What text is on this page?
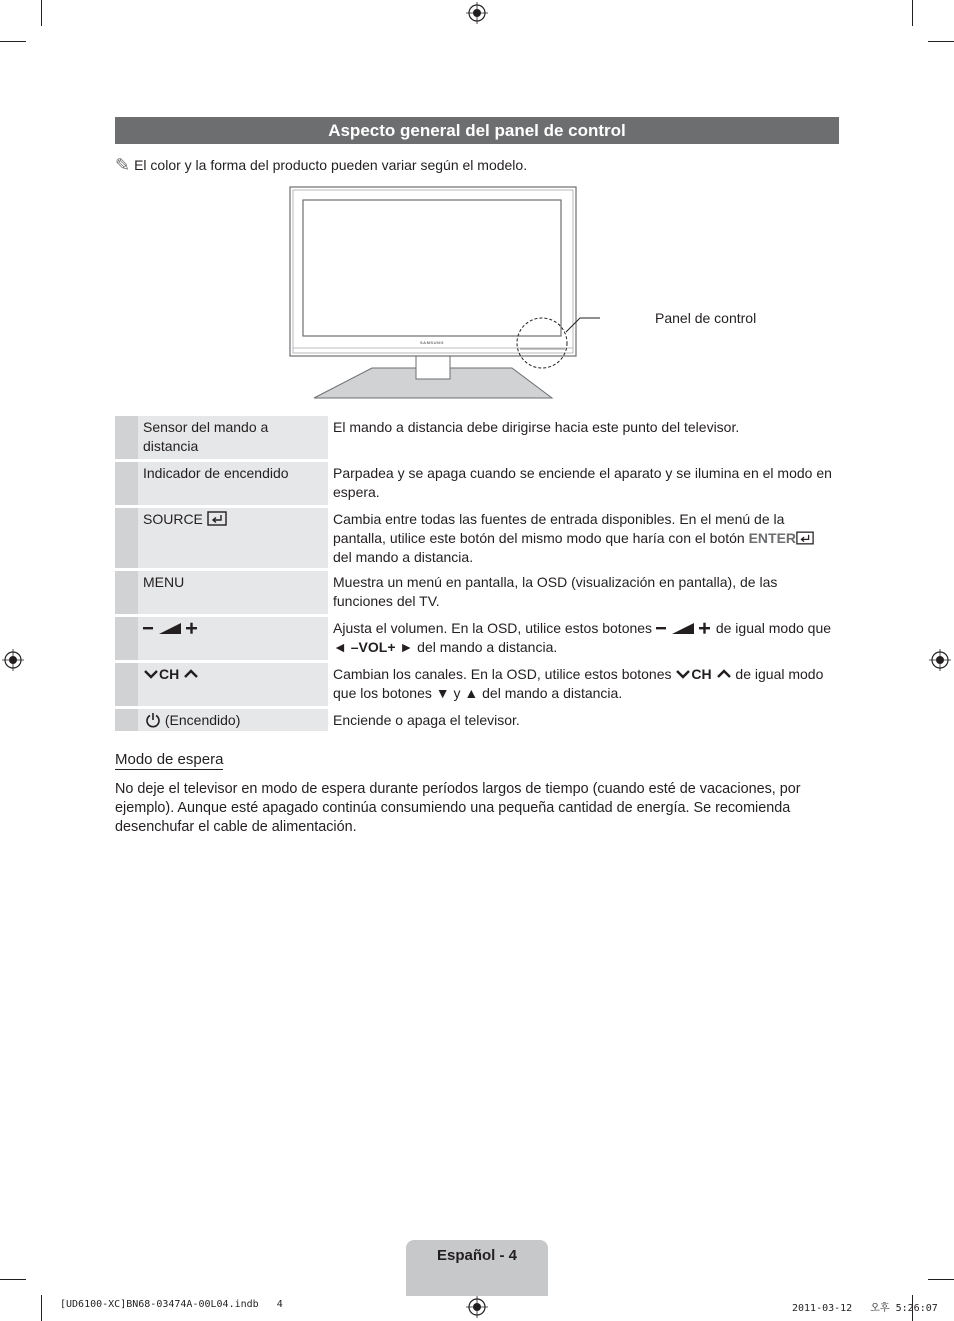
Aspecto general del panel de control
✎ El color y la forma del producto pueden variar según el modelo.
SAMSUNG
Panel de control
	Sensor del mando a distancia	El mando a distancia debe dirigirse hacia este punto del televisor.
	Indicador de encendido	Parpadea y se apaga cuando se enciende el aparato y se ilumina en el modo en espera.
	SOURCE	Cambia entre todas las fuentes de entrada disponibles. En el menú de la pantalla, utilice este botón del mismo modo que haría con el botón ENTER del mando a distancia.
	MENU	Muestra un menú en pantalla, la OSD (visualización en pantalla), de las funciones del TV.
		Ajusta el volumen. En la OSD, utilice estos botones de igual modo que ◄ –VOL+ ► del mando a distancia.
	CH	Cambian los canales. En la OSD, utilice estos botones CH de igual modo que los botones ▼ y ▲ del mando a distancia.
	(Encendido)	Enciende o apaga el televisor.
Modo de espera
No deje el televisor en modo de espera durante períodos largos de tiempo (cuando esté de vacaciones, por ejemplo). Aunque esté apagado continúa consumiendo una pequeña cantidad de energía. Se recomienda desenchufar el cable de alimentación.
Español - 4
[UD6100-XC]BN68-03474A-00L04.indb   4	2011-03-12   오후 5:26:07
